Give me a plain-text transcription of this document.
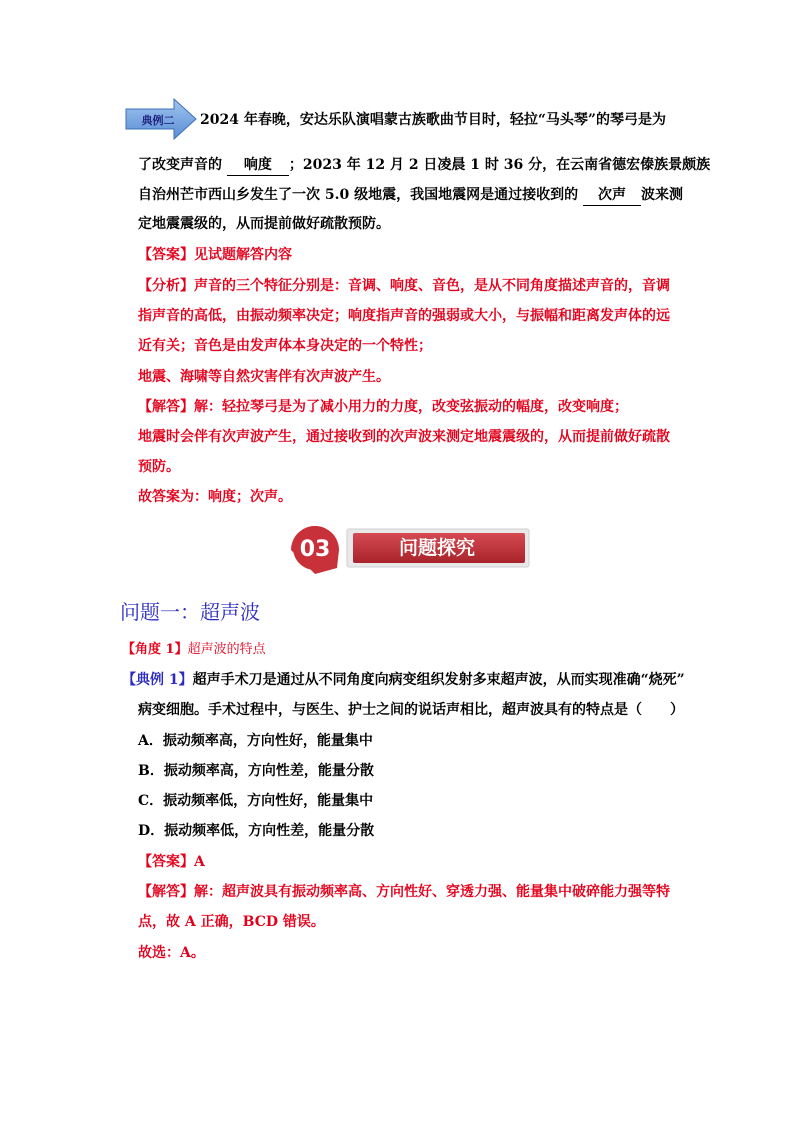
典例二 2024 年春晚，安达乐队演唱蒙古族歌曲节目时，轻拉“马头琴”的琴弓是为
了改变声音的 响度 ；2023 年 12 月 2 日凌晨 1 时 36 分，在云南省德宏傣族景颇族
自治州芒市西山乡发生了一次 5.0 级地震，我国地震网是通过接收到的 次声 波来测
定地震震级的，从而提前做好疏散预防。
【答案】见试题解答内容
【分析】声音的三个特征分别是：音调、响度、音色，是从不同角度描述声音的，音调
指声音的高低，由振动频率决定；响度指声音的强弱或大小，与振幅和距离发声体的远
近有关；音色是由发声体本身决定的一个特性；
地震、海啸等自然灾害伴有次声波产生。
【解答】解：轻拉琴弓是为了减小用力的力度，改变弦振动的幅度，改变响度；
地震时会伴有次声波产生，通过接收到的次声波来测定地震震级的，从而提前做好疏散
预防。
故答案为：响度；次声。
03	问题探究
问题一：超声波
【角度 1】超声波的特点
【典例 1】超声手术刀是通过从不同角度向病变组织发射多束超声波，从而实现准确“烧死”
病变细胞。手术过程中，与医生、护士之间的说话声相比，超声波具有的特点是（　　）
A．振动频率高，方向性好，能量集中
B．振动频率高，方向性差，能量分散
C．振动频率低，方向性好，能量集中
D．振动频率低，方向性差，能量分散
【答案】A
【解答】解：超声波具有振动频率高、方向性好、穿透力强、能量集中破碎能力强等特
点，故 A 正确，BCD 错误。
故选：A。
